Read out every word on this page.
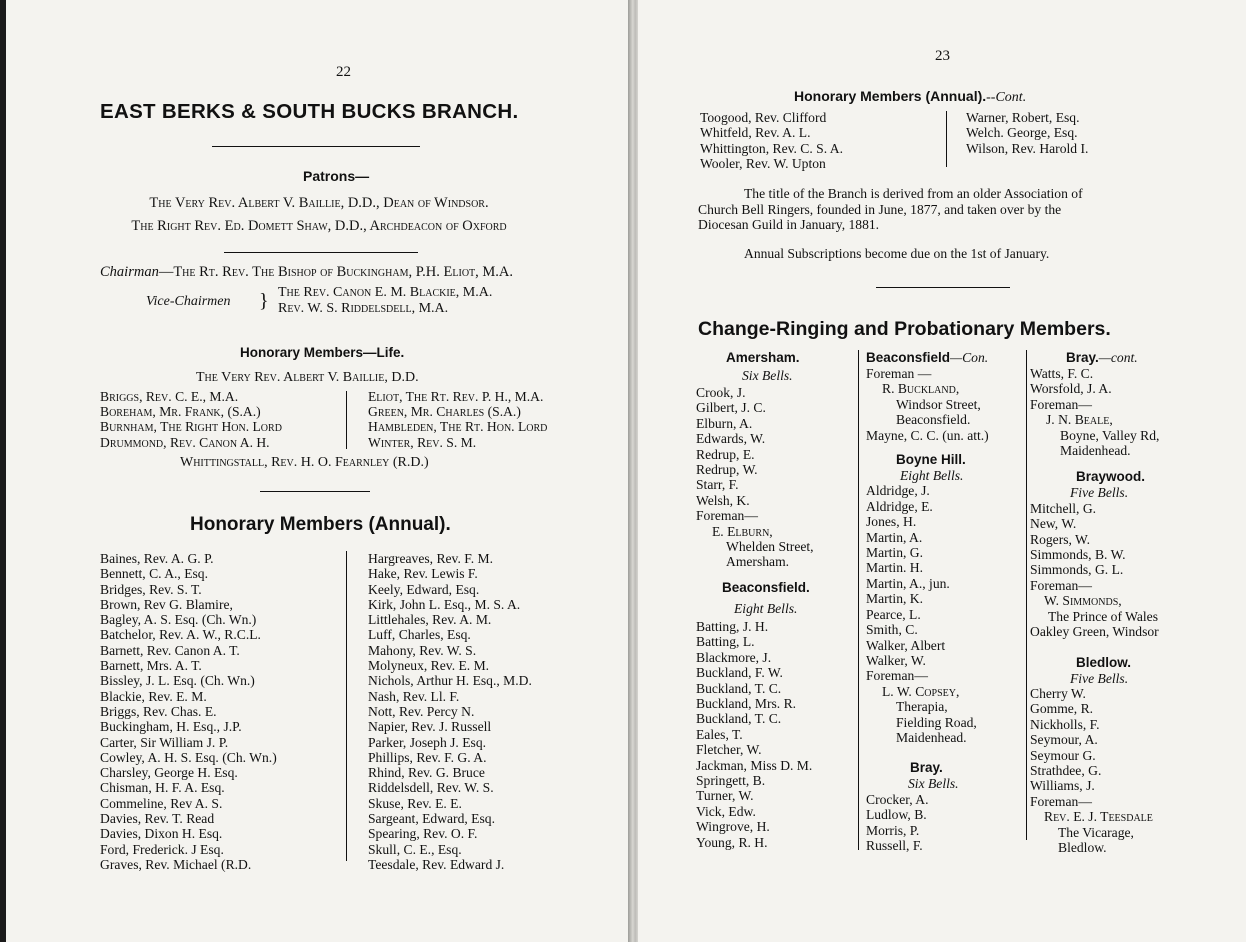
22
EAST BERKS & SOUTH BUCKS BRANCH.
Patrons—
The Very Rev. Albert V. Baillie, D.D., Dean of Windsor.
The Right Rev. Ed. Domett Shaw, D.D., Archdeacon of Oxford
Chairman—The Rt. Rev. The Bishop of Buckingham, P.H. Eliot, M.A.
Vice-Chairmen } The Rev. Canon E. M. Blackie, M.A.
Rev. W. S. Riddelsdell, M.A.
Honorary Members—Life.
The Very Rev. Albert V. Baillie, D.D.
Briggs, Rev. C. E., M.A.
Boreham, Mr. Frank, (S.A.)
Burnham, The Right Hon. Lord
Drummond, Rev. Canon A. H.
Eliot, The Rt. Rev. P. H., M.A.
Green, Mr. Charles (S.A.)
Hambleden, The Rt. Hon. Lord
Winter, Rev. S. M.
Whittingstall, Rev. H. O. Fearnley (R.D.)
Honorary Members (Annual).
Baines, Rev. A. G. P.
Bennett, C. A., Esq.
Bridges, Rev. S. T.
Brown, Rev G. Blamire,
Bagley, A. S. Esq. (Ch. Wn.)
Batchelor, Rev. A. W., R.C.L.
Barnett, Rev. Canon A. T.
Barnett, Mrs. A. T.
Bissley, J. L. Esq. (Ch. Wn.)
Blackie, Rev. E. M.
Briggs, Rev. Chas. E.
Buckingham, H. Esq., J.P.
Carter, Sir William J. P.
Cowley, A. H. S. Esq. (Ch. Wn.)
Charsley, George H. Esq.
Chisman, H. F. A. Esq.
Commeline, Rev A. S.
Davies, Rev. T. Read
Davies, Dixon H. Esq.
Ford, Frederick. J Esq.
Graves, Rev. Michael (R.D.
Hargreaves, Rev. F. M.
Hake, Rev. Lewis F.
Keely, Edward, Esq.
Kirk, John L. Esq., M. S. A.
Littlehales, Rev. A. M.
Luff, Charles, Esq.
Mahony, Rev. W. S.
Molyneux, Rev. E. M.
Nichols, Arthur H. Esq., M.D.
Nash, Rev. Ll. F.
Nott, Rev. Percy N.
Napier, Rev. J. Russell
Parker, Joseph J. Esq.
Phillips, Rev. F. G. A.
Rhind, Rev. G. Bruce
Riddelsdell, Rev. W. S.
Skuse, Rev. E. E.
Sargeant, Edward, Esq.
Spearing, Rev. O. F.
Skull, C. E., Esq.
Teesdale, Rev. Edward J.
23
Honorary Members (Annual).--Cont.
Toogood, Rev. Clifford
Whitfeld, Rev. A. L.
Whittington, Rev. C. S. A.
Wooler, Rev. W. Upton
Warner, Robert, Esq.
Welch. George, Esq.
Wilson, Rev. Harold I.
The title of the Branch is derived from an older Association of
Church Bell Ringers, founded in June, 1877, and taken over by the
Diocesan Guild in January, 1881.
Annual Subscriptions become due on the 1st of January.
Change-Ringing and Probationary Members.
Amersham.
Six Bells.
Crook, J.
Gilbert, J. C.
Elburn, A.
Edwards, W.
Redrup, E.
Redrup, W.
Starr, F.
Welsh, K.
Foreman—
E. Elburn,
Whelden Street,
Amersham.
Beaconsfield.
Eight Bells.
Batting, J. H.
Batting, L.
Blackmore, J.
Buckland, F. W.
Buckland, T. C.
Buckland, Mrs. R.
Buckland, T. C.
Eales, T.
Fletcher, W.
Jackman, Miss D. M.
Springett, B.
Turner, W.
Vick, Edw.
Wingrove, H.
Young, R. H.
Beaconsfield—Con.
Foreman —
R. Buckland,
Windsor Street,
Beaconsfield.
Mayne, C. C. (un. att.)
Boyne Hill.
Eight Bells.
Aldridge, J.
Aldridge, E.
Jones, H.
Martin, A.
Martin, G.
Martin. H.
Martin, A., jun.
Martin, K.
Pearce, L.
Smith, C.
Walker, Albert
Walker, W.
Foreman—
L. W. Copsey,
Therapia,
Fielding Road,
Maidenhead.
Bray.
Six Bells.
Crocker, A.
Ludlow, B.
Morris, P.
Russell, F.
Bray.—cont.
Watts, F. C.
Worsfold, J. A.
Foreman—
J. N. Beale,
Boyne, Valley Rd,
Maidenhead.
Braywood.
Five Bells.
Mitchell, G.
New, W.
Rogers, W.
Simmonds, B. W.
Simmonds, G. L.
Foreman—
W. Simmonds,
The Prince of Wales
Oakley Green, Windsor
Bledlow.
Five Bells.
Cherry W.
Gomme, R.
Nickholls, F.
Seymour, A.
Seymour G.
Strathdee, G.
Williams, J.
Foreman—
Rev. E. J. Teesdale
The Vicarage,
Bledlow.
